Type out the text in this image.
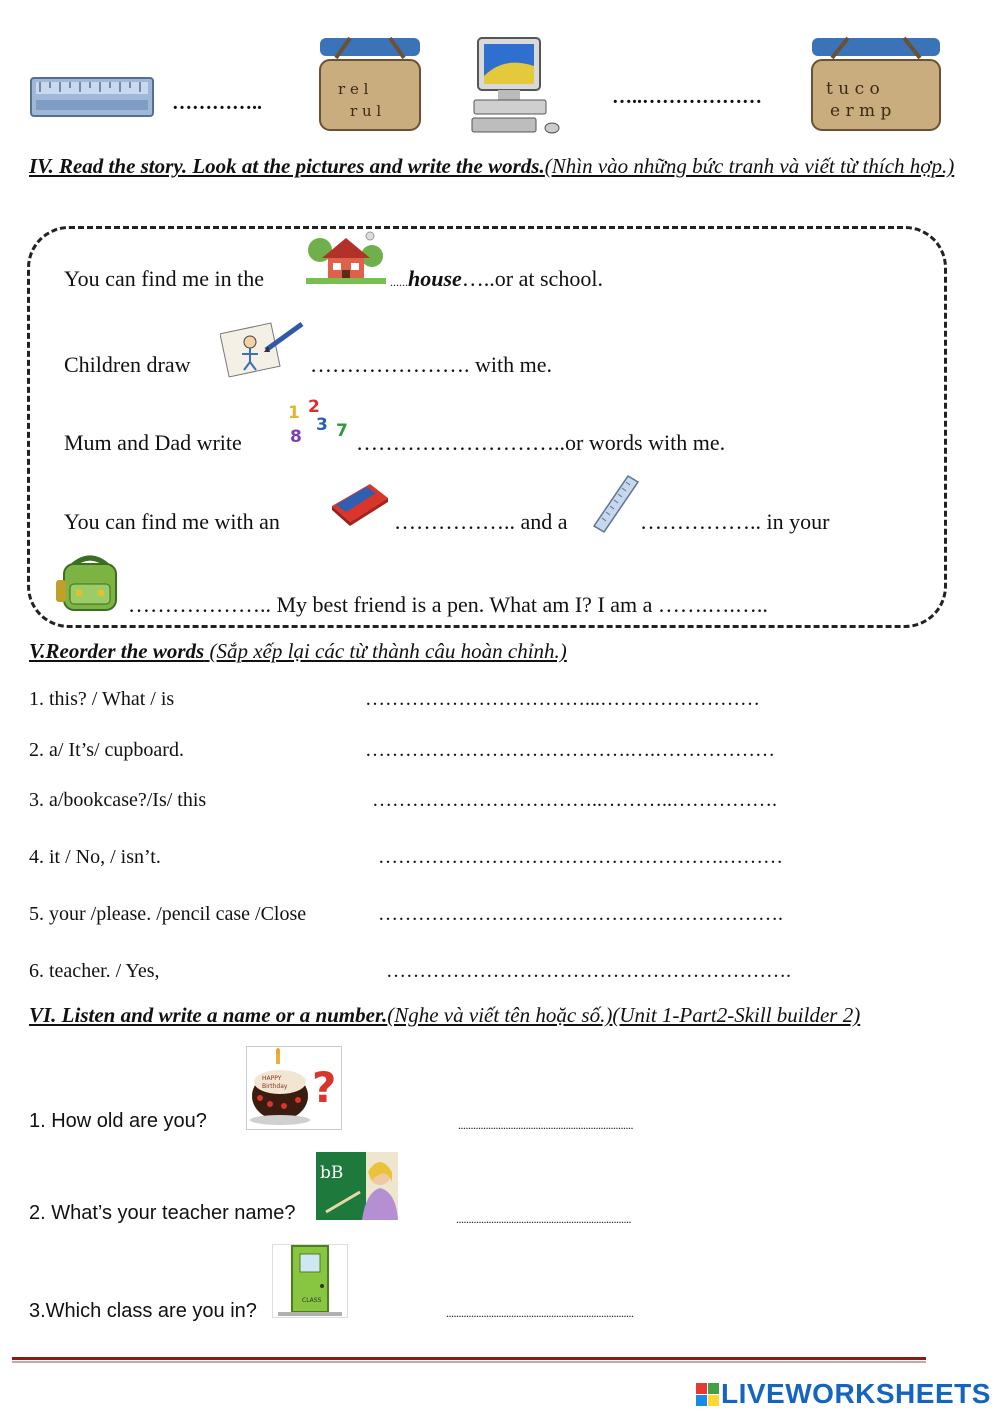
…………..
r e l
r u l
…..………………	t u c o
e r m p
IV. Read the story. Look at the pictures and write the words.(Nhìn vào những bức tranh và viết từ thích hợp.)
You can find me in the	......house…..or at school.
Children draw	…………………. with me.
Mum and Dad write
1 2
3 7
8 ………………………..or words with me.
You can find me with an	…………….. and a	…………….. in your
……………….. My best friend is a pen. What am I? I am a …….….…..
V.Reorder the words (Sắp xếp lại các từ thành câu hoàn chỉnh.)
1. this? / What / is	……………………………...……………………
2. a/ It’s/ cupboard.	………………………………….….………………
3. a/bookcase?/Is/ this	……………………………..………..…………….
4. it / No, / isn’t.	…………………………………………….………
5. your /please. /pencil case /Close	…………………………………………………….
6. teacher. / Yes,	…………………………………………………….
VI. Listen and write a name or a number.(Nghe và viết tên hoặc số.)(Unit 1-Part2-Skill builder 2)
1. How old are you?
HAPPY
Birthday ?
......................................................................
2. What’s your teacher name?
bB
......................................................................
3.Which class are you in?	CLASS
...........................................................................
LIVEWORKSHEETS
